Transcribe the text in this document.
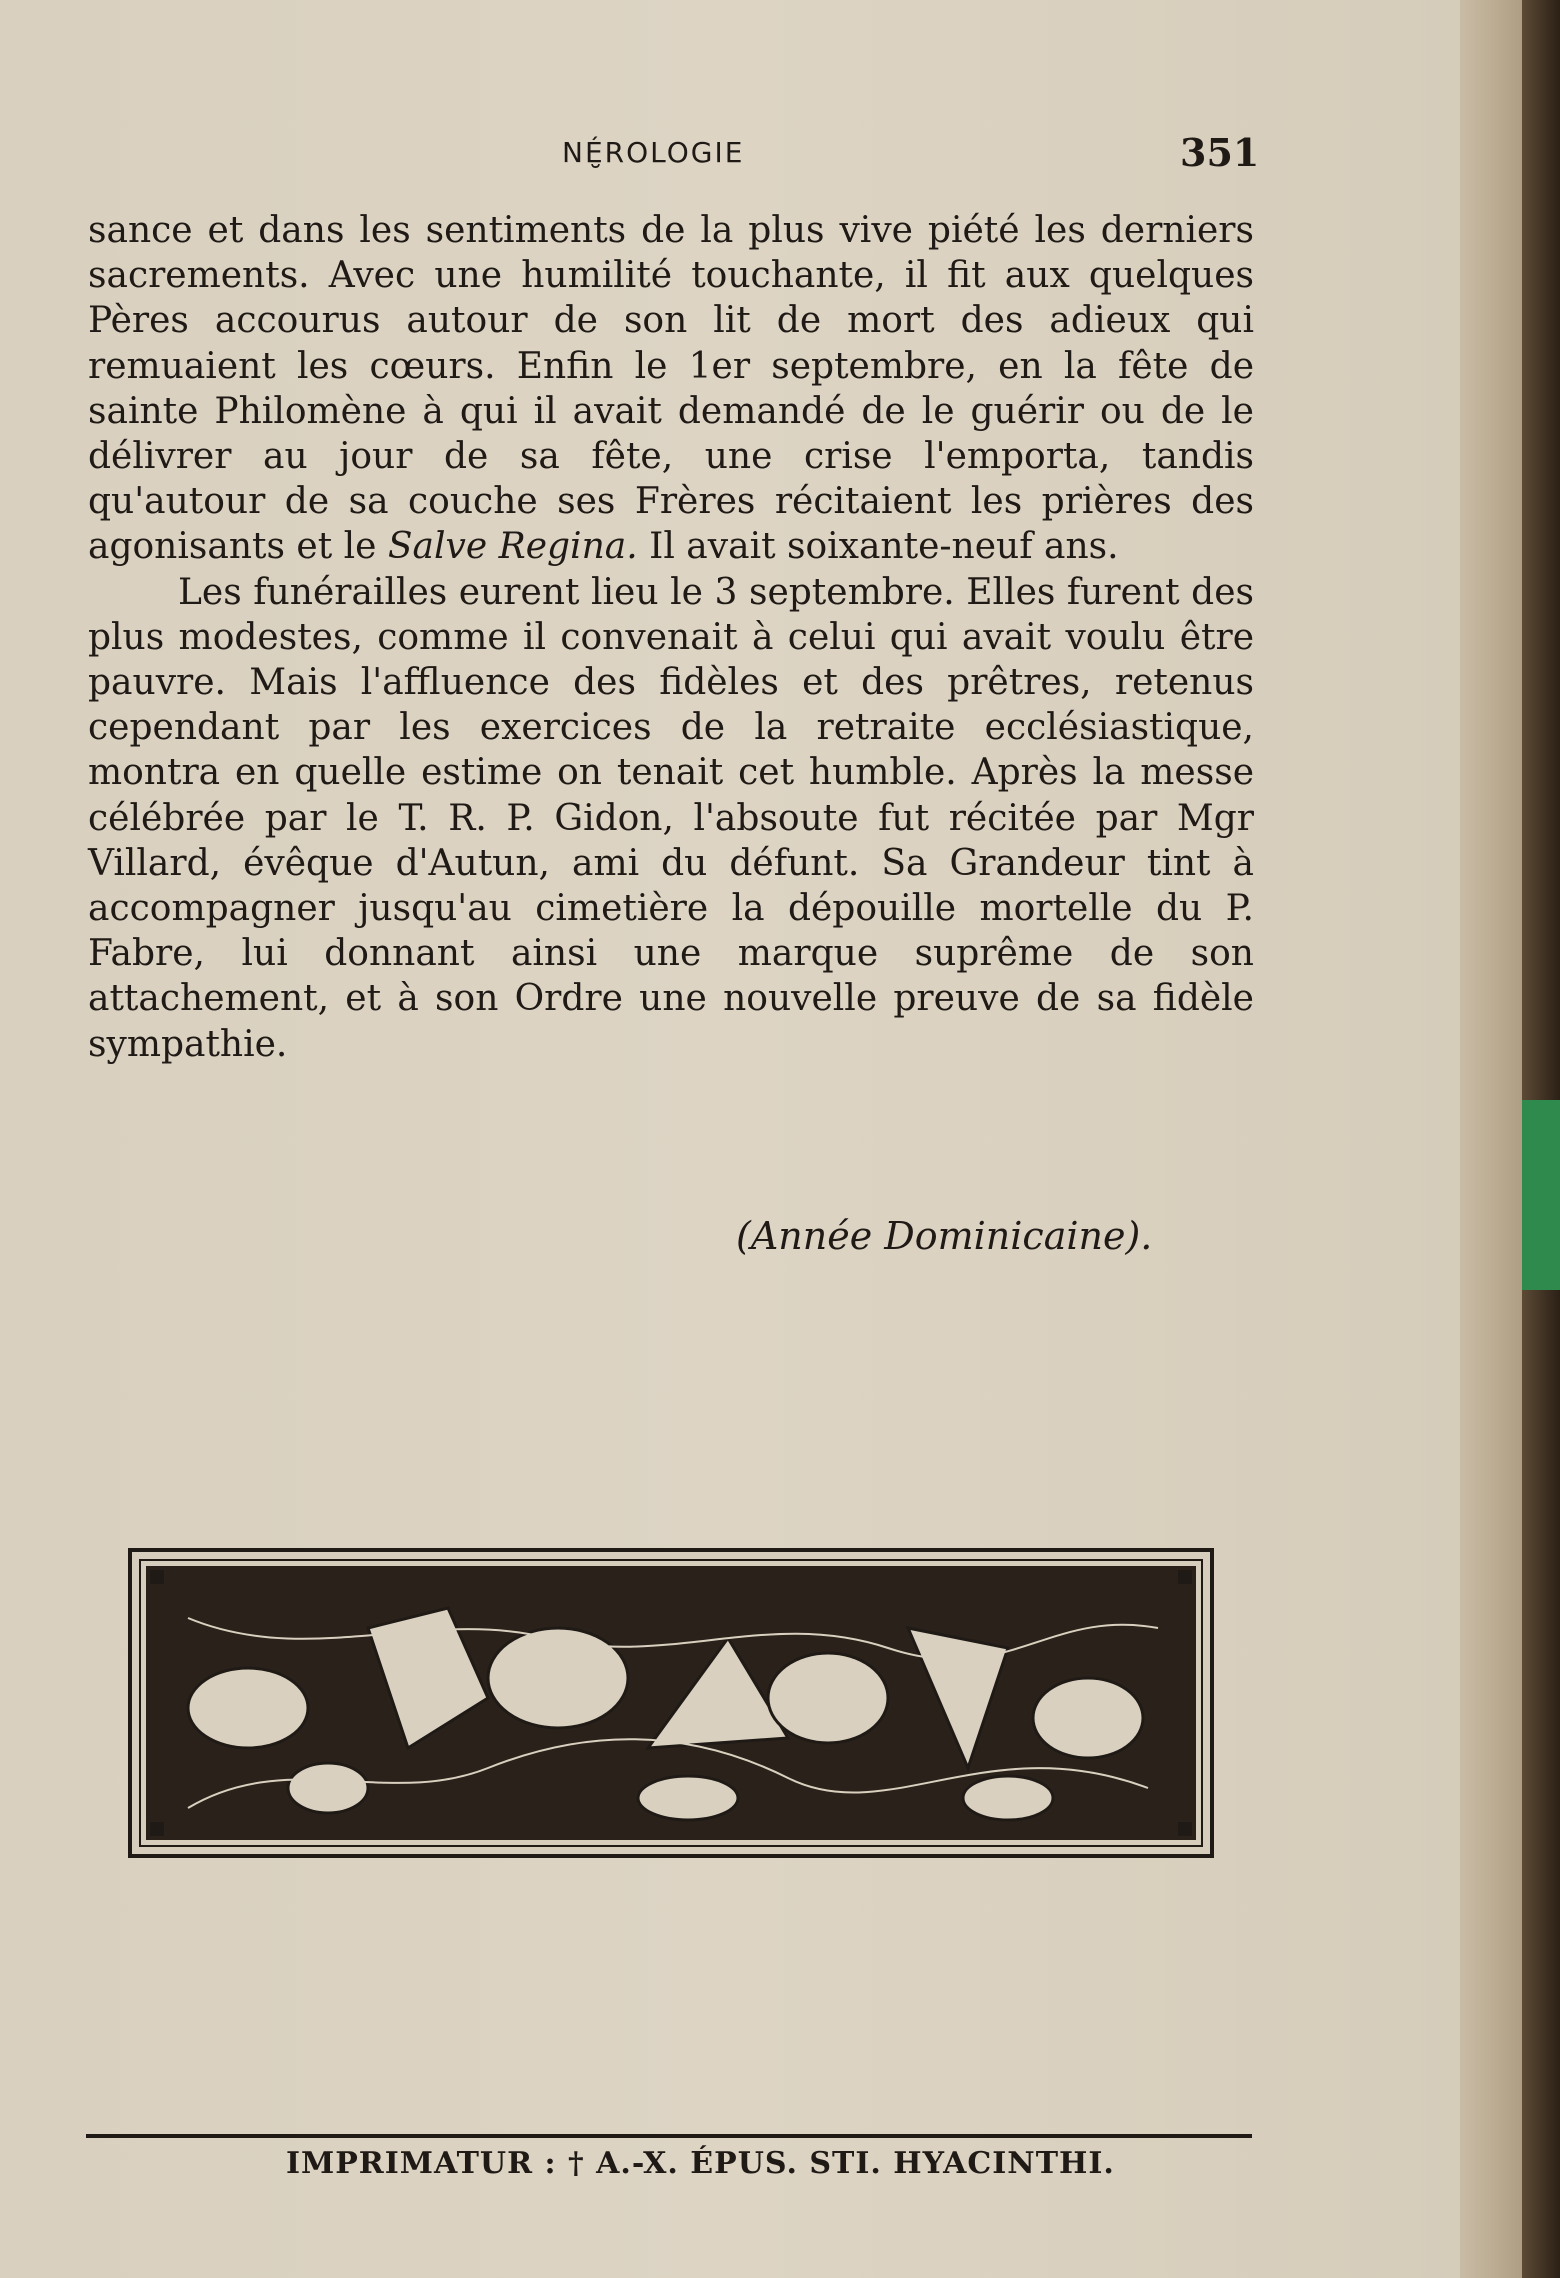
NÉ̮RОLOGIE	351

sance et dans les sentiments de la plus vive piété les derniers sacrements. Avec une humilité touchante, il fit aux quelques Pères accourus autour de son lit de mort des adieux qui remuaient les cœurs. Enfin le 1er septembre, en la fête de sainte Philomène à qui il avait demandé de le guérir ou de le délivrer au jour de sa fête, une crise l'emporta, tandis qu'autour de sa couche ses Frères récitaient les prières des agonisants et le Salve Regina. Il avait soixante-neuf ans.

Les funérailles eurent lieu le 3 septembre. Elles furent des plus modestes, comme il convenait à celui qui avait voulu être pauvre. Mais l'affluence des fidèles et des prêtres, retenus cependant par les exercices de la retraite ecclésiastique, montra en quelle estime on tenait cet humble. Après la messe célébrée par le T. R. P. Gidon, l'absoute fut récitée par Mgr Villard, évêque d'Autun, ami du défunt. Sa Grandeur tint à accompagner jusqu'au cimetière la dépouille mortelle du P. Fabre, lui donnant ainsi une marque suprême de son attachement, et à son Ordre une nouvelle preuve de sa fidèle sympathie.

(Année Dominicaine).
IMPRIMATUR : † A.-X. ÉPUS. STI. HYACINTHI.
